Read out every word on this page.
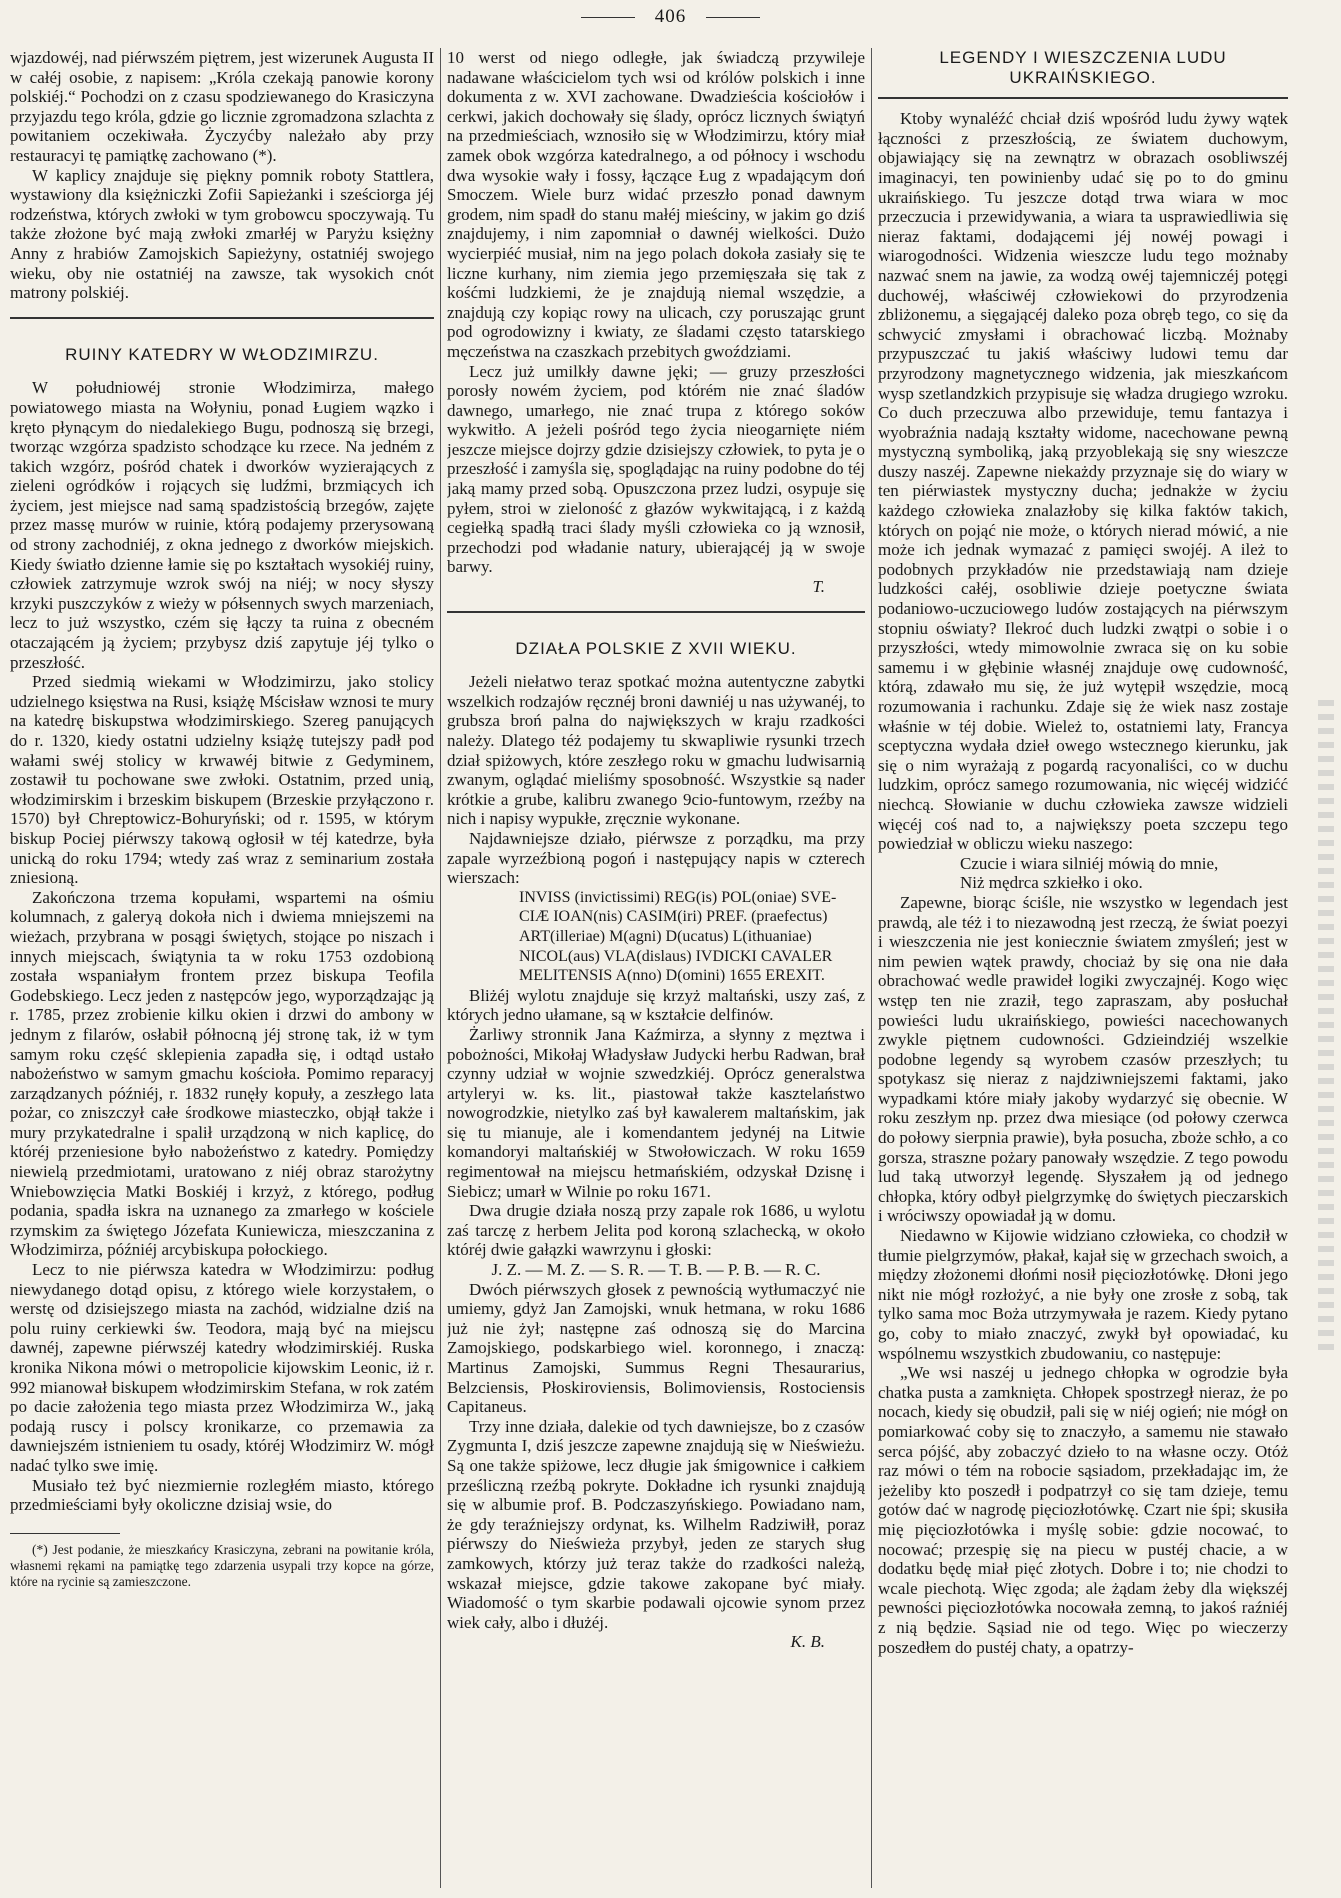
406

wjazdowéj, nad piérwszém piętrem, jest wizerunek Augusta II w całéj osobie, z napisem: „Króla czekają panowie korony polskiéj.“ Pochodzi on z czasu spodziewanego do Krasiczyna przyjazdu tego króla, gdzie go licznie zgromadzona szlachta z powitaniem oczekiwała. Życzyćby należało aby przy restauracyi tę pamiątkę zachowano (*).

W kaplicy znajduje się piękny pomnik roboty Stattlera, wystawiony dla księżniczki Zofii Sapieżanki i sześciorga jéj rodzeństwa, których zwłoki w tym grobowcu spoczywają. Tu także złożone być mają zwłoki zmarłéj w Paryżu księżny Anny z hrabiów Zamojskich Sapieżyny, ostatniéj swojego wieku, oby nie ostatniéj na zawsze, tak wysokich cnót matrony polskiéj.

RUINY KATEDRY W WŁODZIMIRZU.

W południowéj stronie Włodzimirza, małego powiatowego miasta na Wołyniu, ponad Ługiem wązko i kręto płynącym do niedalekiego Bugu, podnoszą się brzegi, tworząc wzgórza spadzisto schodzące ku rzece. Na jedném z takich wzgórz, pośród chatek i dworków wyzierających z zieleni ogródków i rojących się ludźmi, brzmiących ich życiem, jest miejsce nad samą spadzistością brzegów, zajęte przez massę murów w ruinie, którą podajemy przerysowaną od strony zachodniéj, z okna jednego z dworków miejskich. Kiedy światło dzienne łamie się po kształtach wysokiéj ruiny, człowiek zatrzymuje wzrok swój na niéj; w nocy słyszy krzyki puszczyków z wieży w półsennych swych marzeniach, lecz to już wszystko, czém się łączy ta ruina z obecném otaczającém ją życiem; przybysz dziś zapytuje jéj tylko o przeszłość.

Przed siedmią wiekami w Włodzimirzu, jako stolicy udzielnego księstwa na Rusi, książę Mścisław wznosi te mury na katedrę biskupstwa włodzimirskiego. Szereg panujących do r. 1320, kiedy ostatni udzielny książę tutejszy padł pod wałami swéj stolicy w krwawéj bitwie z Gedyminem, zostawił tu pochowane swe zwłoki. Ostatnim, przed unią, włodzimirskim i brzeskim biskupem (Brzeskie przyłączono r. 1570) był Chreptowicz-Bohuryński; od r. 1595, w którym biskup Pociej piérwszy takową ogłosił w téj katedrze, była unicką do roku 1794; wtedy zaś wraz z seminarium została zniesioną.

Zakończona trzema kopułami, wspartemi na ośmiu kolumnach, z galeryą dokoła nich i dwiema mniejszemi na wieżach, przybrana w posągi świętych, stojące po niszach i innych miejscach, świątynia ta w roku 1753 ozdobioną została wspaniałym frontem przez biskupa Teofila Godebskiego. Lecz jeden z następców jego, wyporządzając ją r. 1785, przez zrobienie kilku okien i drzwi do ambony w jednym z filarów, osłabił północną jéj stronę tak, iż w tym samym roku część sklepienia zapadła się, i odtąd ustało nabożeństwo w samym gmachu kościoła. Pomimo reparacyj zarządzanych późniéj, r. 1832 runęły kopuły, a zeszłego lata pożar, co zniszczył całe środkowe miasteczko, objął także i mury przykatedralne i spalił urządzoną w nich kaplicę, do któréj przeniesione było nabożeństwo z katedry. Pomiędzy niewielą przedmiotami, uratowano z niéj obraz starożytny Wniebowzięcia Matki Boskiéj i krzyż, z którego, podług podania, spadła iskra na uznanego za zmarłego w kościele rzymskim za świętego Józefata Kuniewicza, mieszczanina z Włodzimirza, późniéj arcybiskupa połockiego.

Lecz to nie piérwsza katedra w Włodzimirzu: podług niewydanego dotąd opisu, z którego wiele korzystałem, o werstę od dzisiejszego miasta na zachód, widzialne dziś na polu ruiny cerkiewki św. Teodora, mają być na miejscu dawnéj, zapewne piérwszéj katedry włodzimirskiéj. Ruska kronika Nikona mówi o metropolicie kijowskim Leonic, iż r. 992 mianował biskupem włodzimirskim Stefana, w rok zatém po dacie założenia tego miasta przez Włodzimirza W., jaką podają ruscy i polscy kronikarze, co przemawia za dawniejszém istnieniem tu osady, któréj Włodzimirz W. mógł nadać tylko swe imię.

Musiało też być niezmiernie rozległém miasto, którego przedmieściami były okoliczne dzisiaj wsie, do

(*) Jest podanie, że mieszkańcy Krasiczyna, zebrani na powitanie króla, własnemi rękami na pamiątkę tego zdarzenia usypali trzy kopce na górze, które na rycinie są zamieszczone.

10 werst od niego odległe, jak świadczą przywileje nadawane właścicielom tych wsi od królów polskich i inne dokumenta z w. XVI zachowane. Dwadzieścia kościołów i cerkwi, jakich dochowały się ślady, oprócz licznych świątyń na przedmieściach, wznosiło się w Włodzimirzu, który miał zamek obok wzgórza katedralnego, a od północy i wschodu dwa wysokie wały i fossy, łączące Ług z wpadającym doń Smoczem. Wiele burz widać przeszło ponad dawnym grodem, nim spadł do stanu małéj mieściny, w jakim go dziś znajdujemy, i nim zapomniał o dawnéj wielkości. Dużo wycierpiéć musiał, nim na jego polach dokoła zasiały się te liczne kurhany, nim ziemia jego przemięszała się tak z kośćmi ludzkiemi, że je znajdują niemal wszędzie, a znajdują czy kopiąc rowy na ulicach, czy poruszając grunt pod ogrodowizny i kwiaty, ze śladami często tatarskiego męczeństwa na czaszkach przebitych gwoździami.

Lecz już umilkły dawne jęki; — gruzy przeszłości porosły nowém życiem, pod którém nie znać śladów dawnego, umarłego, nie znać trupa z którego soków wykwitło. A jeżeli pośród tego życia nieogarnięte niém jeszcze miejsce dojrzy gdzie dzisiejszy człowiek, to pyta je o przeszłość i zamyśla się, spoglądając na ruiny podobne do téj jaką mamy przed sobą. Opuszczona przez ludzi, osypuje się pyłem, stroi w zieloność z głazów wykwitającą, i z każdą cegiełką spadłą traci ślady myśli człowieka co ją wznosił, przechodzi pod władanie natury, ubierającéj ją w swoje barwy.

T.

DZIAŁA POLSKIE Z XVII WIEKU.

Jeżeli niełatwo teraz spotkać można autentyczne zabytki wszelkich rodzajów ręcznéj broni dawniéj u nas używanéj, to grubsza broń palna do największych w kraju rzadkości należy. Dlatego téż podajemy tu skwapliwie rysunki trzech dział spiżowych, które zeszłego roku w gmachu ludwisarnią zwanym, oglądać mieliśmy sposobność. Wszystkie są nader krótkie a grube, kalibru zwanego 9cio-funtowym, rzeźby na nich i napisy wypukłe, zręcznie wykonane.

Najdawniejsze działo, piérwsze z porządku, ma przy zapale wyrzeźbioną pogoń i następujący napis w czterech wierszach:

INVISS (invictissimi) REG(is) POL(oniae) SVE-

CIÆ IOAN(nis) CASIM(iri) PREF. (praefectus)

ART(illeriae) M(agni) D(ucatus) L(ithuaniae)

NICOL(aus) VLA(dislaus) IVDICKI CAVALER

MELITENSIS A(nno) D(omini) 1655 EREXIT.

Bliżéj wylotu znajduje się krzyż maltański, uszy zaś, z których jedno ułamane, są w kształcie delfinów.

Żarliwy stronnik Jana Kaźmirza, a słynny z męztwa i pobożności, Mikołaj Władysław Judycki herbu Radwan, brał czynny udział w wojnie szwedzkiéj. Oprócz generalstwa artyleryi w. ks. lit., piastował także kasztelaństwo nowogrodzkie, nietylko zaś był kawalerem maltańskim, jak się tu mianuje, ale i komendantem jedynéj na Litwie komandoryi maltańskiéj w Stwołowiczach. W roku 1659 regimentował na miejscu hetmańskiém, odzyskał Dzisnę i Siebicz; umarł w Wilnie po roku 1671.

Dwa drugie działa noszą przy zapale rok 1686, u wylotu zaś tarczę z herbem Jelita pod koroną szlachecką, w około któréj dwie gałązki wawrzynu i głoski:

J. Z. — M. Z. — S. R. — T. B. — P. B. — R. C.

Dwóch piérwszych głosek z pewnością wytłumaczyć nie umiemy, gdyż Jan Zamojski, wnuk hetmana, w roku 1686 już nie żył; następne zaś odnoszą się do Marcina Zamojskiego, podskarbiego wiel. koronnego, i znaczą: Martinus Zamojski, Summus Regni Thesaurarius, Belzciensis, Płoskiroviensis, Bolimoviensis, Rostociensis Capitaneus.

Trzy inne działa, dalekie od tych dawniejsze, bo z czasów Zygmunta I, dziś jeszcze zapewne znajdują się w Nieświeżu. Są one także spiżowe, lecz długie jak śmigownice i całkiem prześliczną rzeźbą pokryte. Dokładne ich rysunki znajdują się w albumie prof. B. Podczaszyńskiego. Powiadano nam, że gdy teraźniejszy ordynat, ks. Wilhelm Radziwiłł, poraz piérwszy do Nieświeża przybył, jeden ze starych sług zamkowych, którzy już teraz także do rzadkości należą, wskazał miejsce, gdzie takowe zakopane być miały. Wiadomość o tym skarbie podawali ojcowie synom przez wiek cały, albo i dłużéj.

K. B.

LEGENDY I WIESZCZENIA LUDU UKRAIŃSKIEGO.

Ktoby wynaléźć chciał dziś wpośród ludu żywy wątek łączności z przeszłością, ze światem duchowym, objawiający się na zewnątrz w obrazach osobliwszéj imaginacyi, ten powinienby udać się po to do gminu ukraińskiego. Tu jeszcze dotąd trwa wiara w moc przeczucia i przewidywania, a wiara ta usprawiedliwia się nieraz faktami, dodającemi jéj nowéj powagi i wiarogodności. Widzenia wieszcze ludu tego możnaby nazwać snem na jawie, za wodzą owéj tajemniczéj potęgi duchowéj, właściwéj człowiekowi do przyrodzenia zbliżonemu, a sięgającéj daleko poza obręb tego, co się da schwycić zmysłami i obrachować liczbą. Możnaby przypuszczać tu jakiś właściwy ludowi temu dar przyrodzony magnetycznego widzenia, jak mieszkańcom wysp szetlandzkich przypisuje się władza drugiego wzroku. Co duch przeczuwa albo przewiduje, temu fantazya i wyobraźnia nadają kształty widome, nacechowane pewną mystyczną symboliką, jaką przyoblekają się sny wieszcze duszy naszéj. Zapewne niekażdy przyznaje się do wiary w ten piérwiastek mystyczny ducha; jednakże w życiu każdego człowieka znalazłoby się kilka faktów takich, których on pojąć nie może, o których nierad mówić, a nie może ich jednak wymazać z pamięci swojéj. A ileż to podobnych przykładów nie przedstawiają nam dzieje ludzkości całéj, osobliwie dzieje poetyczne świata podaniowo-uczuciowego ludów zostających na piérwszym stopniu oświaty? Ilekroć duch ludzki zwątpi o sobie i o przyszłości, wtedy mimowolnie zwraca się on ku sobie samemu i w głębinie własnéj znajduje owę cudowność, którą, zdawało mu się, że już wytępił wszędzie, mocą rozumowania i rachunku. Zdaje się że wiek nasz zostaje właśnie w téj dobie. Wieleż to, ostatniemi laty, Francya sceptyczna wydała dzieł owego wstecznego kierunku, jak się o nim wyrażają z pogardą racyonaliści, co w duchu ludzkim, oprócz samego rozumowania, nic więcéj widzićć niechcą. Słowianie w duchu człowieka zawsze widzieli więcéj coś nad to, a największy poeta szczepu tego powiedział w obliczu wieku naszego:

Czucie i wiara silniéj mówią do mnie,

Niż mędrca szkiełko i oko.

Zapewne, biorąc ściśle, nie wszystko w legendach jest prawdą, ale téż i to niezawodną jest rzeczą, że świat poezyi i wieszczenia nie jest koniecznie światem zmyśleń; jest w nim pewien wątek prawdy, chociaż by się ona nie dała obrachować wedle prawideł logiki zwyczajnéj. Kogo więc wstęp ten nie zraził, tego zapraszam, aby posłuchał powieści ludu ukraińskiego, powieści nacechowanych zwykle piętnem cudowności. Gdzieindziéj wszelkie podobne legendy są wyrobem czasów przeszłych; tu spotykasz się nieraz z najdziwniejszemi faktami, jako wypadkami które miały jakoby wydarzyć się obecnie. W roku zeszłym np. przez dwa miesiące (od połowy czerwca do połowy sierpnia prawie), była posucha, zboże schło, a co gorsza, straszne pożary panowały wszędzie. Z tego powodu lud taką utworzył legendę. Słyszałem ją od jednego chłopka, który odbył pielgrzymkę do świętych pieczarskich i wróciwszy opowiadał ją w domu.

Niedawno w Kijowie widziano człowieka, co chodził w tłumie pielgrzymów, płakał, kajał się w grzechach swoich, a między złożonemi dłońmi nosił pięciozłotówkę. Dłoni jego nikt nie mógł rozłożyć, a nie były one zrosłe z sobą, tak tylko sama moc Boża utrzymywała je razem. Kiedy pytano go, coby to miało znaczyć, zwykł był opowiadać, ku wspólnemu wszystkich zbudowaniu, co następuje:

„We wsi naszéj u jednego chłopka w ogrodzie była chatka pusta a zamknięta. Chłopek spostrzegł nieraz, że po nocach, kiedy się obudził, pali się w niéj ogień; nie mógł on pomiarkować coby się to znaczyło, a samemu nie stawało serca pójść, aby zobaczyć dzieło to na własne oczy. Otóż raz mówi o tém na robocie sąsiadom, przekładając im, że jeżeliby kto poszedł i podpatrzył co się tam dzieje, temu gotów dać w nagrodę pięciozłotówkę. Czart nie śpi; skusiła mię pięciozłotówka i myślę sobie: gdzie nocować, to nocować; przespię się na piecu w pustéj chacie, a w dodatku będę miał pięć złotych. Dobre i to; nie chodzi to wcale piechotą. Więc zgoda; ale żądam żeby dla większéj pewności pięciozłotówka nocowała zemną, to jakoś raźniéj z nią będzie. Sąsiad nie od tego. Więc po wieczerzy poszedłem do pustéj chaty, a opatrzy-
